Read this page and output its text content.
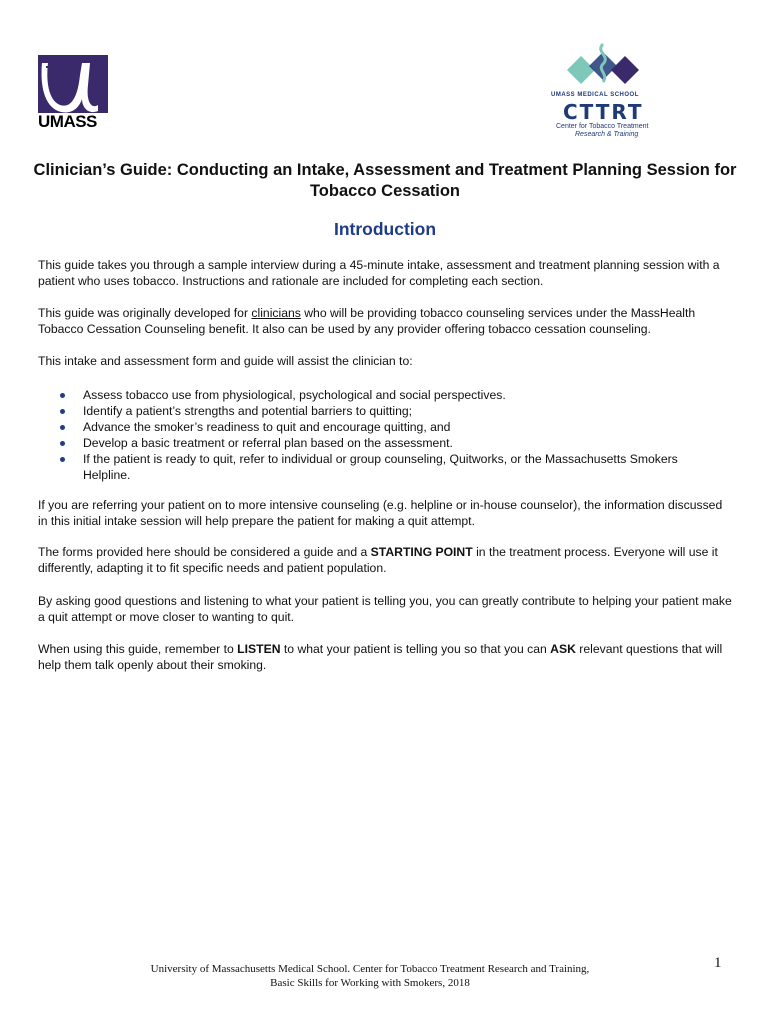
UMASS
UMASS MEDICAL SCHOOL
CTTRT
Center for Tobacco Treatment
Research & Training
Clinician’s Guide: Conducting an Intake, Assessment and Treatment Planning Session for Tobacco Cessation
Introduction

This guide takes you through a sample interview during a 45-minute intake, assessment and treatment planning session with a patient who uses tobacco. Instructions and rationale are included for completing each section.

This guide was originally developed for clinicians who will be providing tobacco counseling services under the MassHealth Tobacco Cessation Counseling benefit. It also can be used by any provider offering tobacco cessation counseling.

This intake and assessment form and guide will assist the clinician to:

Assess tobacco use from physiological, psychological and social perspectives.
Identify a patient’s strengths and potential barriers to quitting;
Advance the smoker’s readiness to quit and encourage quitting, and
Develop a basic treatment or referral plan based on the assessment.
If the patient is ready to quit, refer to individual or group counseling, Quitworks, or the Massachusetts Smokers Helpline.

If you are referring your patient on to more intensive counseling (e.g. helpline or in-house counselor), the information discussed in this initial intake session will help prepare the patient for making a quit attempt.

The forms provided here should be considered a guide and a STARTING POINT in the treatment process. Everyone will use it differently, adapting it to fit specific needs and patient population.

By asking good questions and listening to what your patient is telling you, you can greatly contribute to helping your patient make a quit attempt or move closer to wanting to quit.

When using this guide, remember to LISTEN to what your patient is telling you so that you can ASK relevant questions that will help them talk openly about their smoking.

University of Massachusetts Medical School. Center for Tobacco Treatment Research and Training,
Basic Skills for Working with Smokers, 2018
1
